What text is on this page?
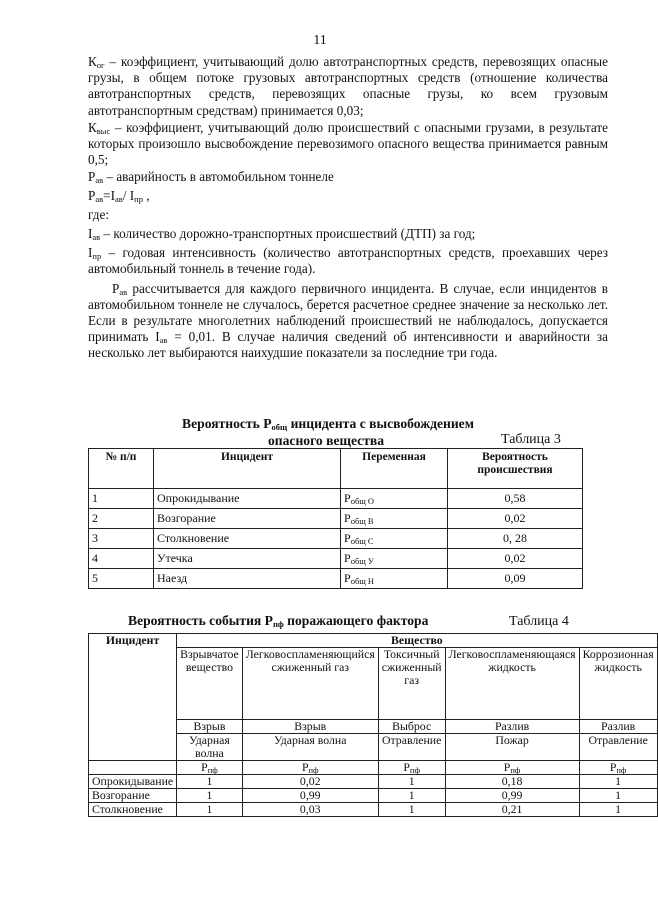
11

$К_{ог}$ – коэффициент, учитывающий долю автотранспортных средств, перевозящих опасные грузы, в общем потоке грузовых автотранспортных средств (отношение количества автотранспортных средств, перевозящих опасные грузы, ко всем грузовым автотранспортным средствам) принимается 0,03;

$К_{выс}$ – коэффициент, учитывающий долю происшествий с опасными грузами, в результате которых произошло высвобождение перевозимого опасного вещества принимается равным 0,5;

$Р_{ав}$ – аварийность в автомобильном тоннеле

$Р_{ав}=I_{ав}/$ $I_{пр}$ ,

где:

$I_{ав}$ – количество дорожно-транспортных происшествий (ДТП) за год;

$I_{пр}$ – годовая интенсивность (количество автотранспортных средств, проехавших через автомобильный тоннель в течение года).

$Р_{ав}$ рассчитывается для каждого первичного инцидента. В случае, если инцидентов в автомобильном тоннеле не случалось, берется расчетное среднее значение за несколько лет. Если в результате многолетних наблюдений происшествий не наблюдалось, допускается принимать $I_{ав} = 0,01$. В случае наличия сведений об интенсивности и аварийности за несколько лет выбираются наихудшие показатели за последние три года.

Вероятность $Р_{общ}$ инцидента с высвобождением
опасного вещества	Таблица 3
№ п/п	Инцидент	Переменная	Вероятность происшествия
1	Опрокидывание	$Р_{общ О}$	0,58
2	Возгорание	$Р_{общ В}$	0,02
3	Столкновение	$Р_{общ С}$	0, 28
4	Утечка	$Р_{общ У}$	0,02
5	Наезд	$Р_{общ Н}$	0,09
Вероятность события $Р_{пф}$ поражающего фактора	Таблица 4
Инцидент	Вещество				
	Взрывчатое вещество	Легковоспламеняющийся сжиженный газ	Токсичный сжиженный газ	Легковоспламеняющаяся жидкость	Коррозионная жидкость
	Взрыв	Взрыв	Выброс	Разлив	Разлив
	Ударная волна	Ударная волна	Отравление	Пожар	Отравление
	$Р_{пф}$	$Р_{пф}$	$Р_{пф}$	$Р_{пф}$	$Р_{пф}$
Опрокидывание	1	0,02	1	0,18	1
Возгорание	1	0,99	1	0,99	1
Столкновение	1	0,03	1	0,21	1
